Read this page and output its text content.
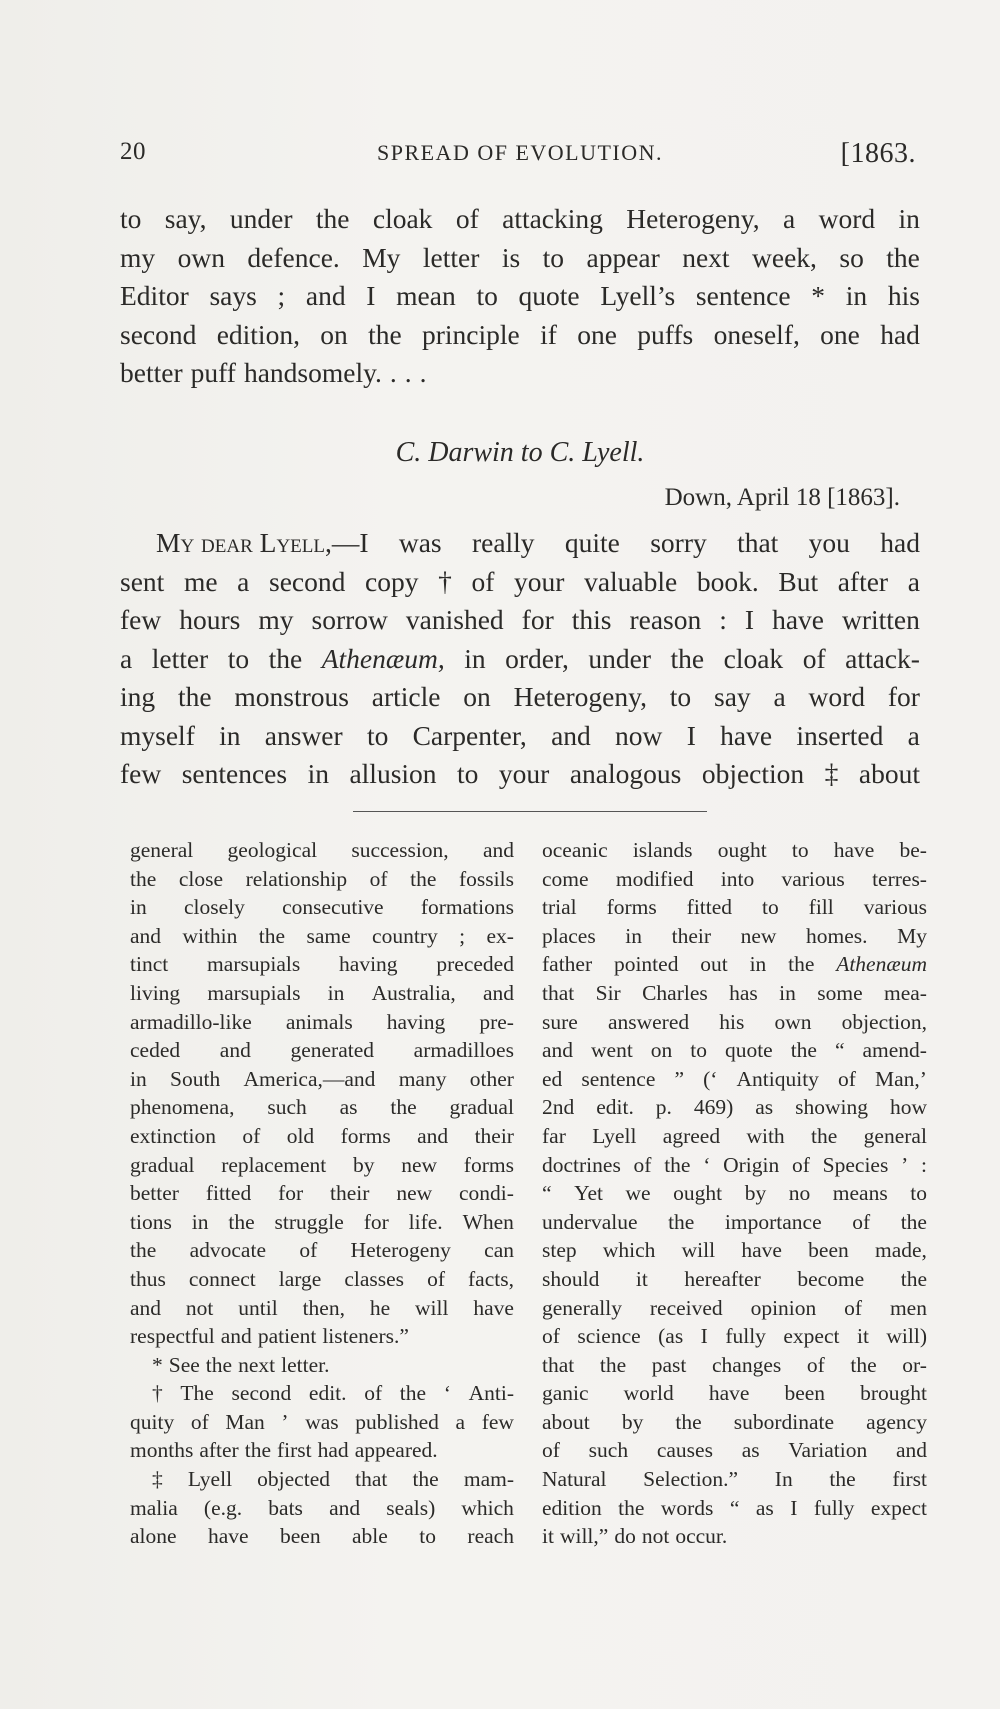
20	SPREAD OF EVOLUTION.	[1863.
to say, under the cloak of attacking Heterogeny, a word in
my own defence. My letter is to appear next week, so the
Editor says ; and I mean to quote Lyell’s sentence * in his
second edition, on the principle if one puffs oneself, one had
better puff handsomely. . . .
C. Darwin to C. Lyell.
Down, April 18 [1863].
My dear Lyell,—I was really quite sorry that you had
sent me a second copy † of your valuable book. But after a
few hours my sorrow vanished for this reason : I have written
a letter to the Athenæum, in order, under the cloak of attack-
ing the monstrous article on Heterogeny, to say a word for
myself in answer to Carpenter, and now I have inserted a
few sentences in allusion to your analogous objection ‡ about
general geological succession, and
the close relationship of the fossils
in closely consecutive formations
and within the same country ; ex-
tinct marsupials having preceded
living marsupials in Australia, and
armadillo-like animals having pre-
ceded and generated armadilloes
in South America,—and many other
phenomena, such as the gradual
extinction of old forms and their
gradual replacement by new forms
better fitted for their new condi-
tions in the struggle for life. When
the advocate of Heterogeny can
thus connect large classes of facts,
and not until then, he will have
respectful and patient listeners.”
* See the next letter.
† The second edit. of the ‘ Anti-
quity of Man ’ was published a few
months after the first had appeared.
‡ Lyell objected that the mam-
malia (e.g. bats and seals) which
alone have been able to reach
oceanic islands ought to have be-
come modified into various terres-
trial forms fitted to fill various
places in their new homes. My
father pointed out in the Athenæum
that Sir Charles has in some mea-
sure answered his own objection,
and went on to quote the “ amend-
ed sentence ” (‘ Antiquity of Man,’
2nd edit. p. 469) as showing how
far Lyell agreed with the general
doctrines of the ‘ Origin of Species ’ :
“ Yet we ought by no means to
undervalue the importance of the
step which will have been made,
should it hereafter become the
generally received opinion of men
of science (as I fully expect it will)
that the past changes of the or-
ganic world have been brought
about by the subordinate agency
of such causes as Variation and
Natural Selection.” In the first
edition the words “ as I fully expect
it will,” do not occur.
